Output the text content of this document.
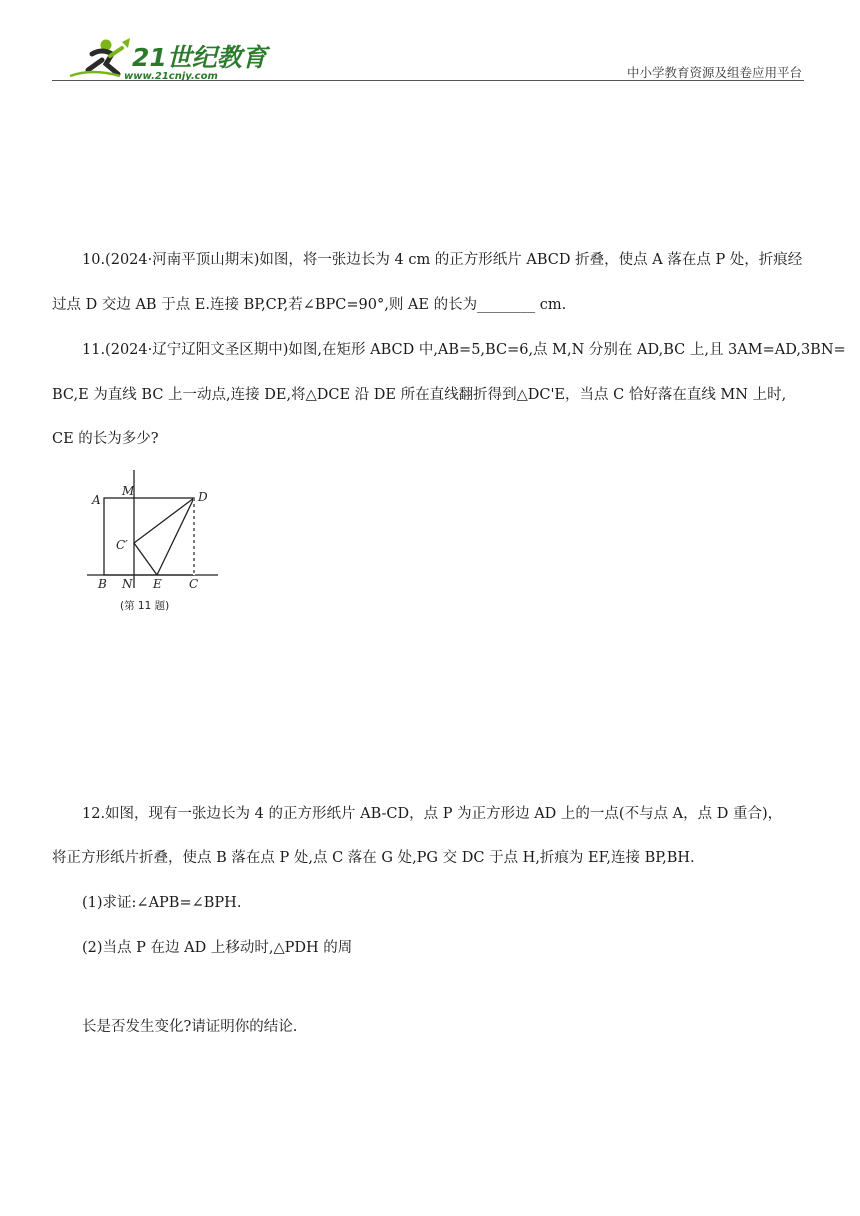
21世纪教育
www.21cnjy.com	中小学教育资源及组卷应用平台
10.(2024·河南平顶山期末)如图，将一张边长为 4 cm 的正方形纸片 ABCD 折叠，使点 A 落在点 P 处，折痕经
过点 D 交边 AB 于点 E.连接 BP,CP,若∠BPC=90°,则 AE 的长为________ cm.
11.(2024·辽宁辽阳文圣区期中)如图,在矩形 ABCD 中,AB=5,BC=6,点 M,N 分别在 AD,BC 上,且 3AM=AD,3BN=
BC,E 为直线 BC 上一动点,连接 DE,将△DCE 沿 DE 所在直线翻折得到△DC'E，当点 C 恰好落在直线 MN 上时,
CE 的长为多少?
A
M	D
C′
B N E C
(第 11 题)
12.如图，现有一张边长为 4 的正方形纸片 AB-CD，点 P 为正方形边 AD 上的一点(不与点 A，点 D 重合)，
将正方形纸片折叠，使点 B 落在点 P 处,点 C 落在 G 处,PG 交 DC 于点 H,折痕为 EF,连接 BP,BH.
(1)求证:∠APB=∠BPH.
(2)当点 P 在边 AD 上移动时,△PDH 的周
长是否发生变化?请证明你的结论.
